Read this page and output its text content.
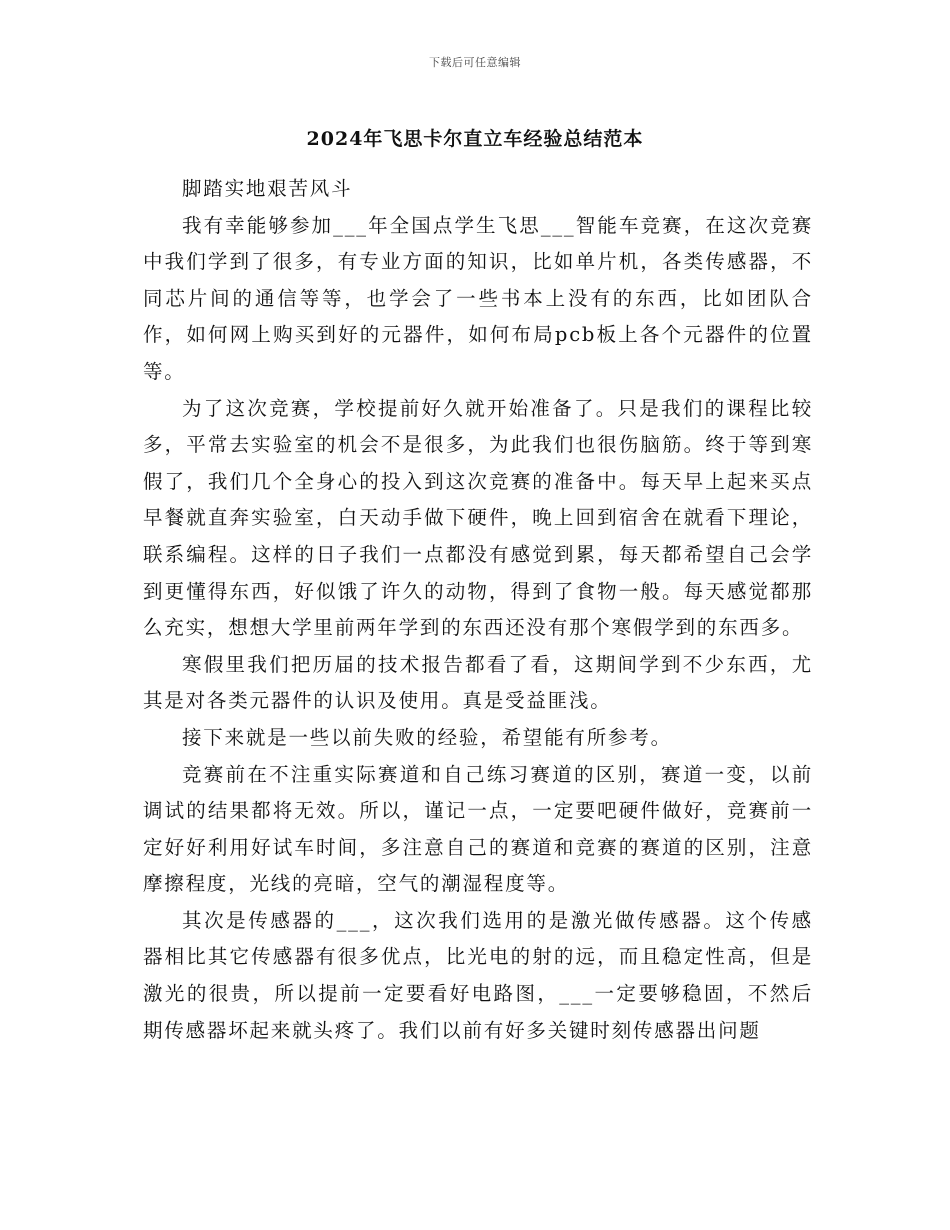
下载后可任意编辑
2024年飞思卡尔直立车经验总结范本

脚踏实地艰苦风斗

我有幸能够参加___年全国点学生飞思___智能车竞赛，在这次竞赛中我们学到了很多，有专业方面的知识，比如单片机，各类传感器，不同芯片间的通信等等，也学会了一些书本上没有的东西，比如团队合作，如何网上购买到好的元器件，如何布局pcb板上各个元器件的位置等。

为了这次竞赛，学校提前好久就开始准备了。只是我们的课程比较多，平常去实验室的机会不是很多，为此我们也很伤脑筋。终于等到寒假了，我们几个全身心的投入到这次竞赛的准备中。每天早上起来买点早餐就直奔实验室，白天动手做下硬件，晚上回到宿舍在就看下理论，联系编程。这样的日子我们一点都没有感觉到累，每天都希望自己会学到更懂得东西，好似饿了许久的动物，得到了食物一般。每天感觉都那么充实，想想大学里前两年学到的东西还没有那个寒假学到的东西多。

寒假里我们把历届的技术报告都看了看，这期间学到不少东西，尤其是对各类元器件的认识及使用。真是受益匪浅。

接下来就是一些以前失败的经验，希望能有所参考。

竞赛前在不注重实际赛道和自己练习赛道的区别，赛道一变，以前调试的结果都将无效。所以，谨记一点，一定要吧硬件做好，竞赛前一定好好利用好试车时间，多注意自己的赛道和竞赛的赛道的区别，注意摩擦程度，光线的亮暗，空气的潮湿程度等。

其次是传感器的___，这次我们选用的是激光做传感器。这个传感器相比其它传感器有很多优点，比光电的射的远，而且稳定性高，但是激光的很贵，所以提前一定要看好电路图，___一定要够稳固，不然后期传感器坏起来就头疼了。我们以前有好多关键时刻传感器出问题
